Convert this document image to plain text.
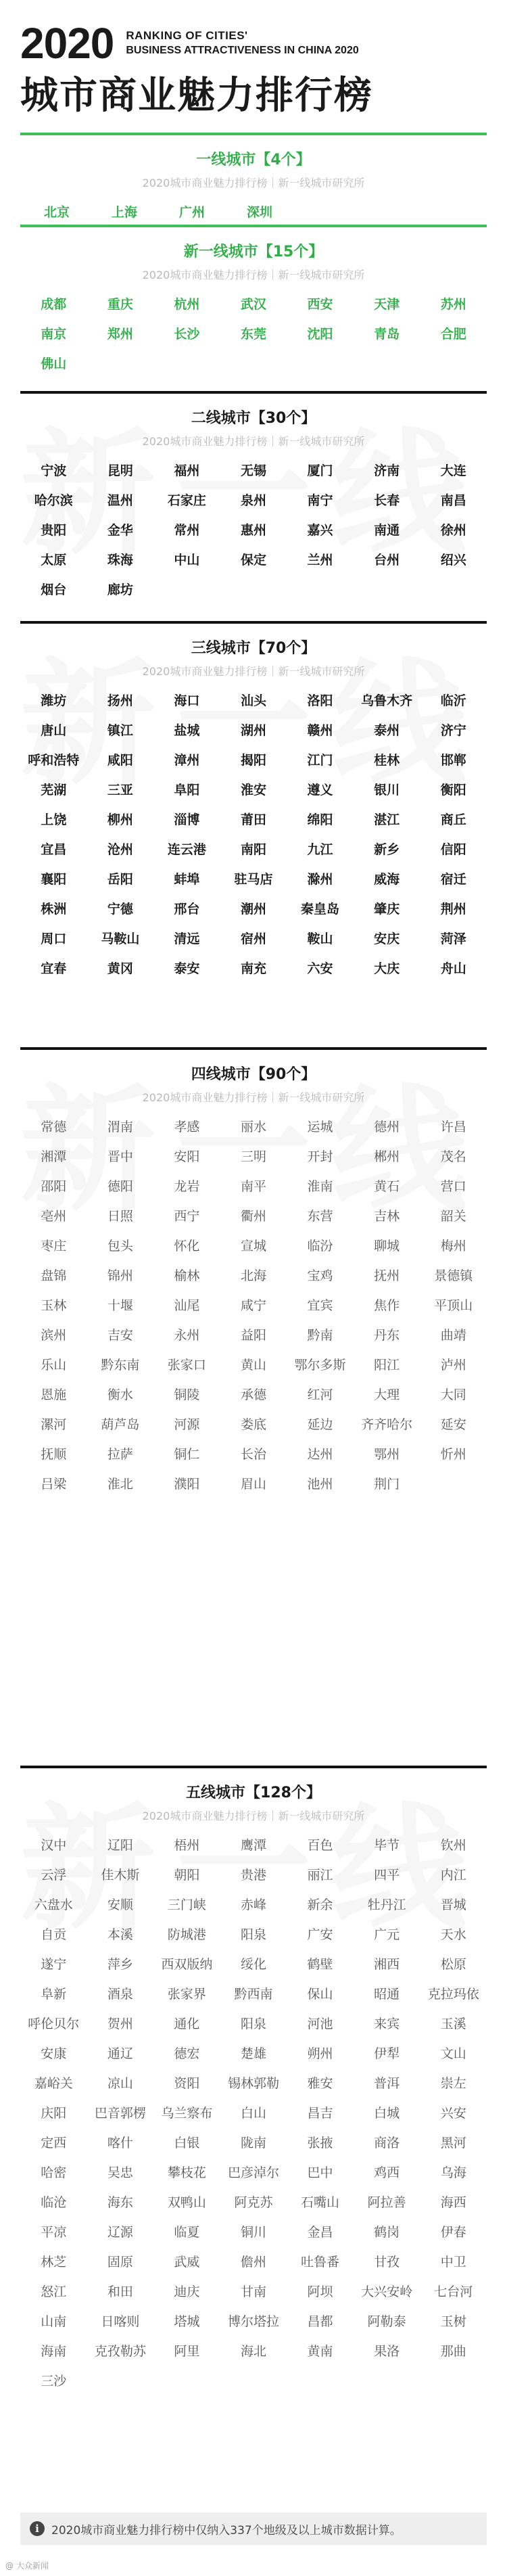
2020 RANKING OF CITIES'
BUSINESS ATTRACTIVENESS IN CHINA 2020
城市商业魅力排行榜
一线城市【4个】
2020城市商业魅力排行榜｜新一线城市研究所
北京	上海	广州	深圳
新一线城市【15个】
2020城市商业魅力排行榜｜新一线城市研究所
成都	重庆	杭州	武汉	西安	天津	苏州
南京	郑州	长沙	东莞	沈阳	青岛	合肥
佛山
二线城市【30个】
2020城市商业魅力排行榜｜新一线城市研究所
宁波	昆明	福州	无锡	厦门	济南	大连
哈尔滨	温州	石家庄	泉州	南宁	长春	南昌
贵阳	金华	常州	惠州	嘉兴	南通	徐州
太原	珠海	中山	保定	兰州	台州	绍兴
烟台	廊坊
三线城市【70个】
2020城市商业魅力排行榜｜新一线城市研究所
潍坊	扬州	海口	汕头	洛阳	乌鲁木齐	临沂
唐山	镇江	盐城	湖州	赣州	泰州	济宁
呼和浩特	咸阳	漳州	揭阳	江门	桂林	邯郸
芜湖	三亚	阜阳	淮安	遵义	银川	衡阳
上饶	柳州	淄博	莆田	绵阳	湛江	商丘
宜昌	沧州	连云港	南阳	九江	新乡	信阳
襄阳	岳阳	蚌埠	驻马店	滁州	威海	宿迁
株洲	宁德	邢台	潮州	秦皇岛	肇庆	荆州
周口	马鞍山	清远	宿州	鞍山	安庆	菏泽
宜春	黄冈	泰安	南充	六安	大庆	舟山
四线城市【90个】
2020城市商业魅力排行榜｜新一线城市研究所
常德	渭南	孝感	丽水	运城	德州	许昌
湘潭	晋中	安阳	三明	开封	郴州	茂名
邵阳	德阳	龙岩	南平	淮南	黄石	营口
亳州	日照	西宁	衢州	东营	吉林	韶关
枣庄	包头	怀化	宣城	临汾	聊城	梅州
盘锦	锦州	榆林	北海	宝鸡	抚州	景德镇
玉林	十堰	汕尾	咸宁	宜宾	焦作	平顶山
滨州	吉安	永州	益阳	黔南	丹东	曲靖
乐山	黔东南	张家口	黄山	鄂尔多斯	阳江	泸州
恩施	衡水	铜陵	承德	红河	大理	大同
漯河	葫芦岛	河源	娄底	延边	齐齐哈尔	延安
抚顺	拉萨	铜仁	长治	达州	鄂州	忻州
吕梁	淮北	濮阳	眉山	池州	荆门
五线城市【128个】
2020城市商业魅力排行榜｜新一线城市研究所
汉中	辽阳	梧州	鹰潭	百色	毕节	钦州
云浮	佳木斯	朝阳	贵港	丽江	四平	内江
六盘水	安顺	三门峡	赤峰	新余	牡丹江	晋城
自贡	本溪	防城港	阳泉	广安	广元	天水
遂宁	萍乡	西双版纳	绥化	鹤壁	湘西	松原
阜新	酒泉	张家界	黔西南	保山	昭通	克拉玛依
呼伦贝尔	贺州	通化	阳泉	河池	来宾	玉溪
安康	通辽	德宏	楚雄	朔州	伊犁	文山
嘉峪关	凉山	资阳	锡林郭勒	雅安	普洱	崇左
庆阳	巴音郭楞	乌兰察布	白山	昌吉	白城	兴安
定西	喀什	白银	陇南	张掖	商洛	黑河
哈密	吴忠	攀枝花	巴彦淖尔	巴中	鸡西	乌海
临沧	海东	双鸭山	阿克苏	石嘴山	阿拉善	海西
平凉	辽源	临夏	铜川	金昌	鹤岗	伊春
林芝	固原	武威	儋州	吐鲁番	甘孜	中卫
怒江	和田	迪庆	甘南	阿坝	大兴安岭	七台河
山南	日喀则	塔城	博尔塔拉	昌都	阿勒泰	玉树
海南	克孜勒苏	阿里	海北	黄南	果洛	那曲
三沙
i	2020城市商业魅力排行榜中仅纳入337个地级及以上城市数据计算。
@ 大众新闻
